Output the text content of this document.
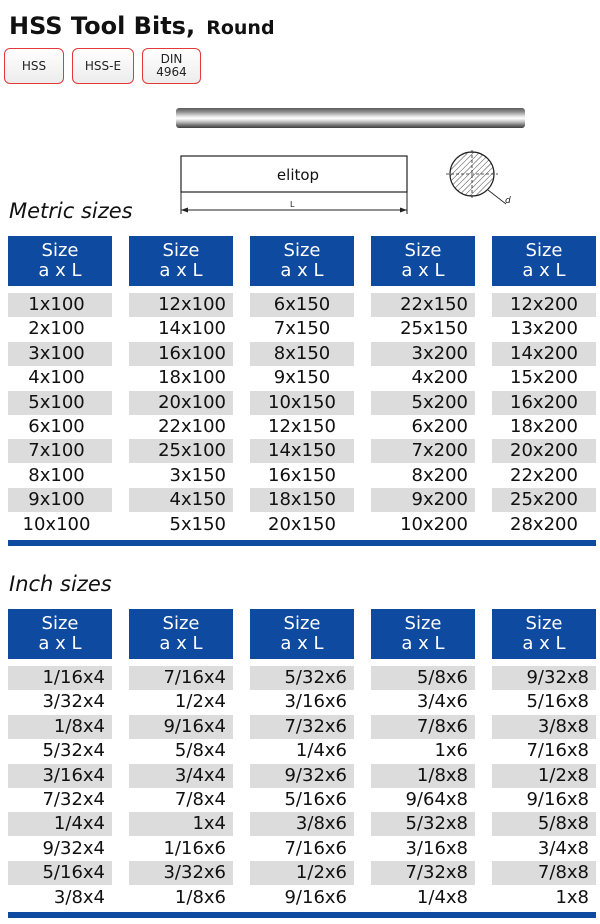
HSS Tool Bits, Round
HSS	HSS-E	DIN
4964
elitop
L	d
Metric sizes
Size
a x L
Size
a x L
Size
a x L
Size
a x L
Size
a x L
1x100	12x100	6x150	22x150	12x200
2x100	14x100	7x150	25x150	13x200
3x100	16x100	8x150	3x200	14x200
4x100	18x100	9x150	4x200	15x200
5x100	20x100	10x150	5x200	16x200
6x100	22x100	12x150	6x200	18x200
7x100	25x100	14x150	7x200	20x200
8x100	3x150	16x150	8x200	22x200
9x100	4x150	18x150	9x200	25x200
10x100	5x150	20x150	10x200	28x200
Inch sizes
Size
a x L
Size
a x L
Size
a x L
Size
a x L
Size
a x L
1/16x4	7/16x4	5/32x6	5/8x6	9/32x8
3/32x4	1/2x4	3/16x6	3/4x6	5/16x8
1/8x4	9/16x4	7/32x6	7/8x6	3/8x8
5/32x4	5/8x4	1/4x6	1x6	7/16x8
3/16x4	3/4x4	9/32x6	1/8x8	1/2x8
7/32x4	7/8x4	5/16x6	9/64x8	9/16x8
1/4x4	1x4	3/8x6	5/32x8	5/8x8
9/32x4	1/16x6	7/16x6	3/16x8	3/4x8
5/16x4	3/32x6	1/2x6	7/32x8	7/8x8
3/8x4	1/8x6	9/16x6	1/4x8	1x8
